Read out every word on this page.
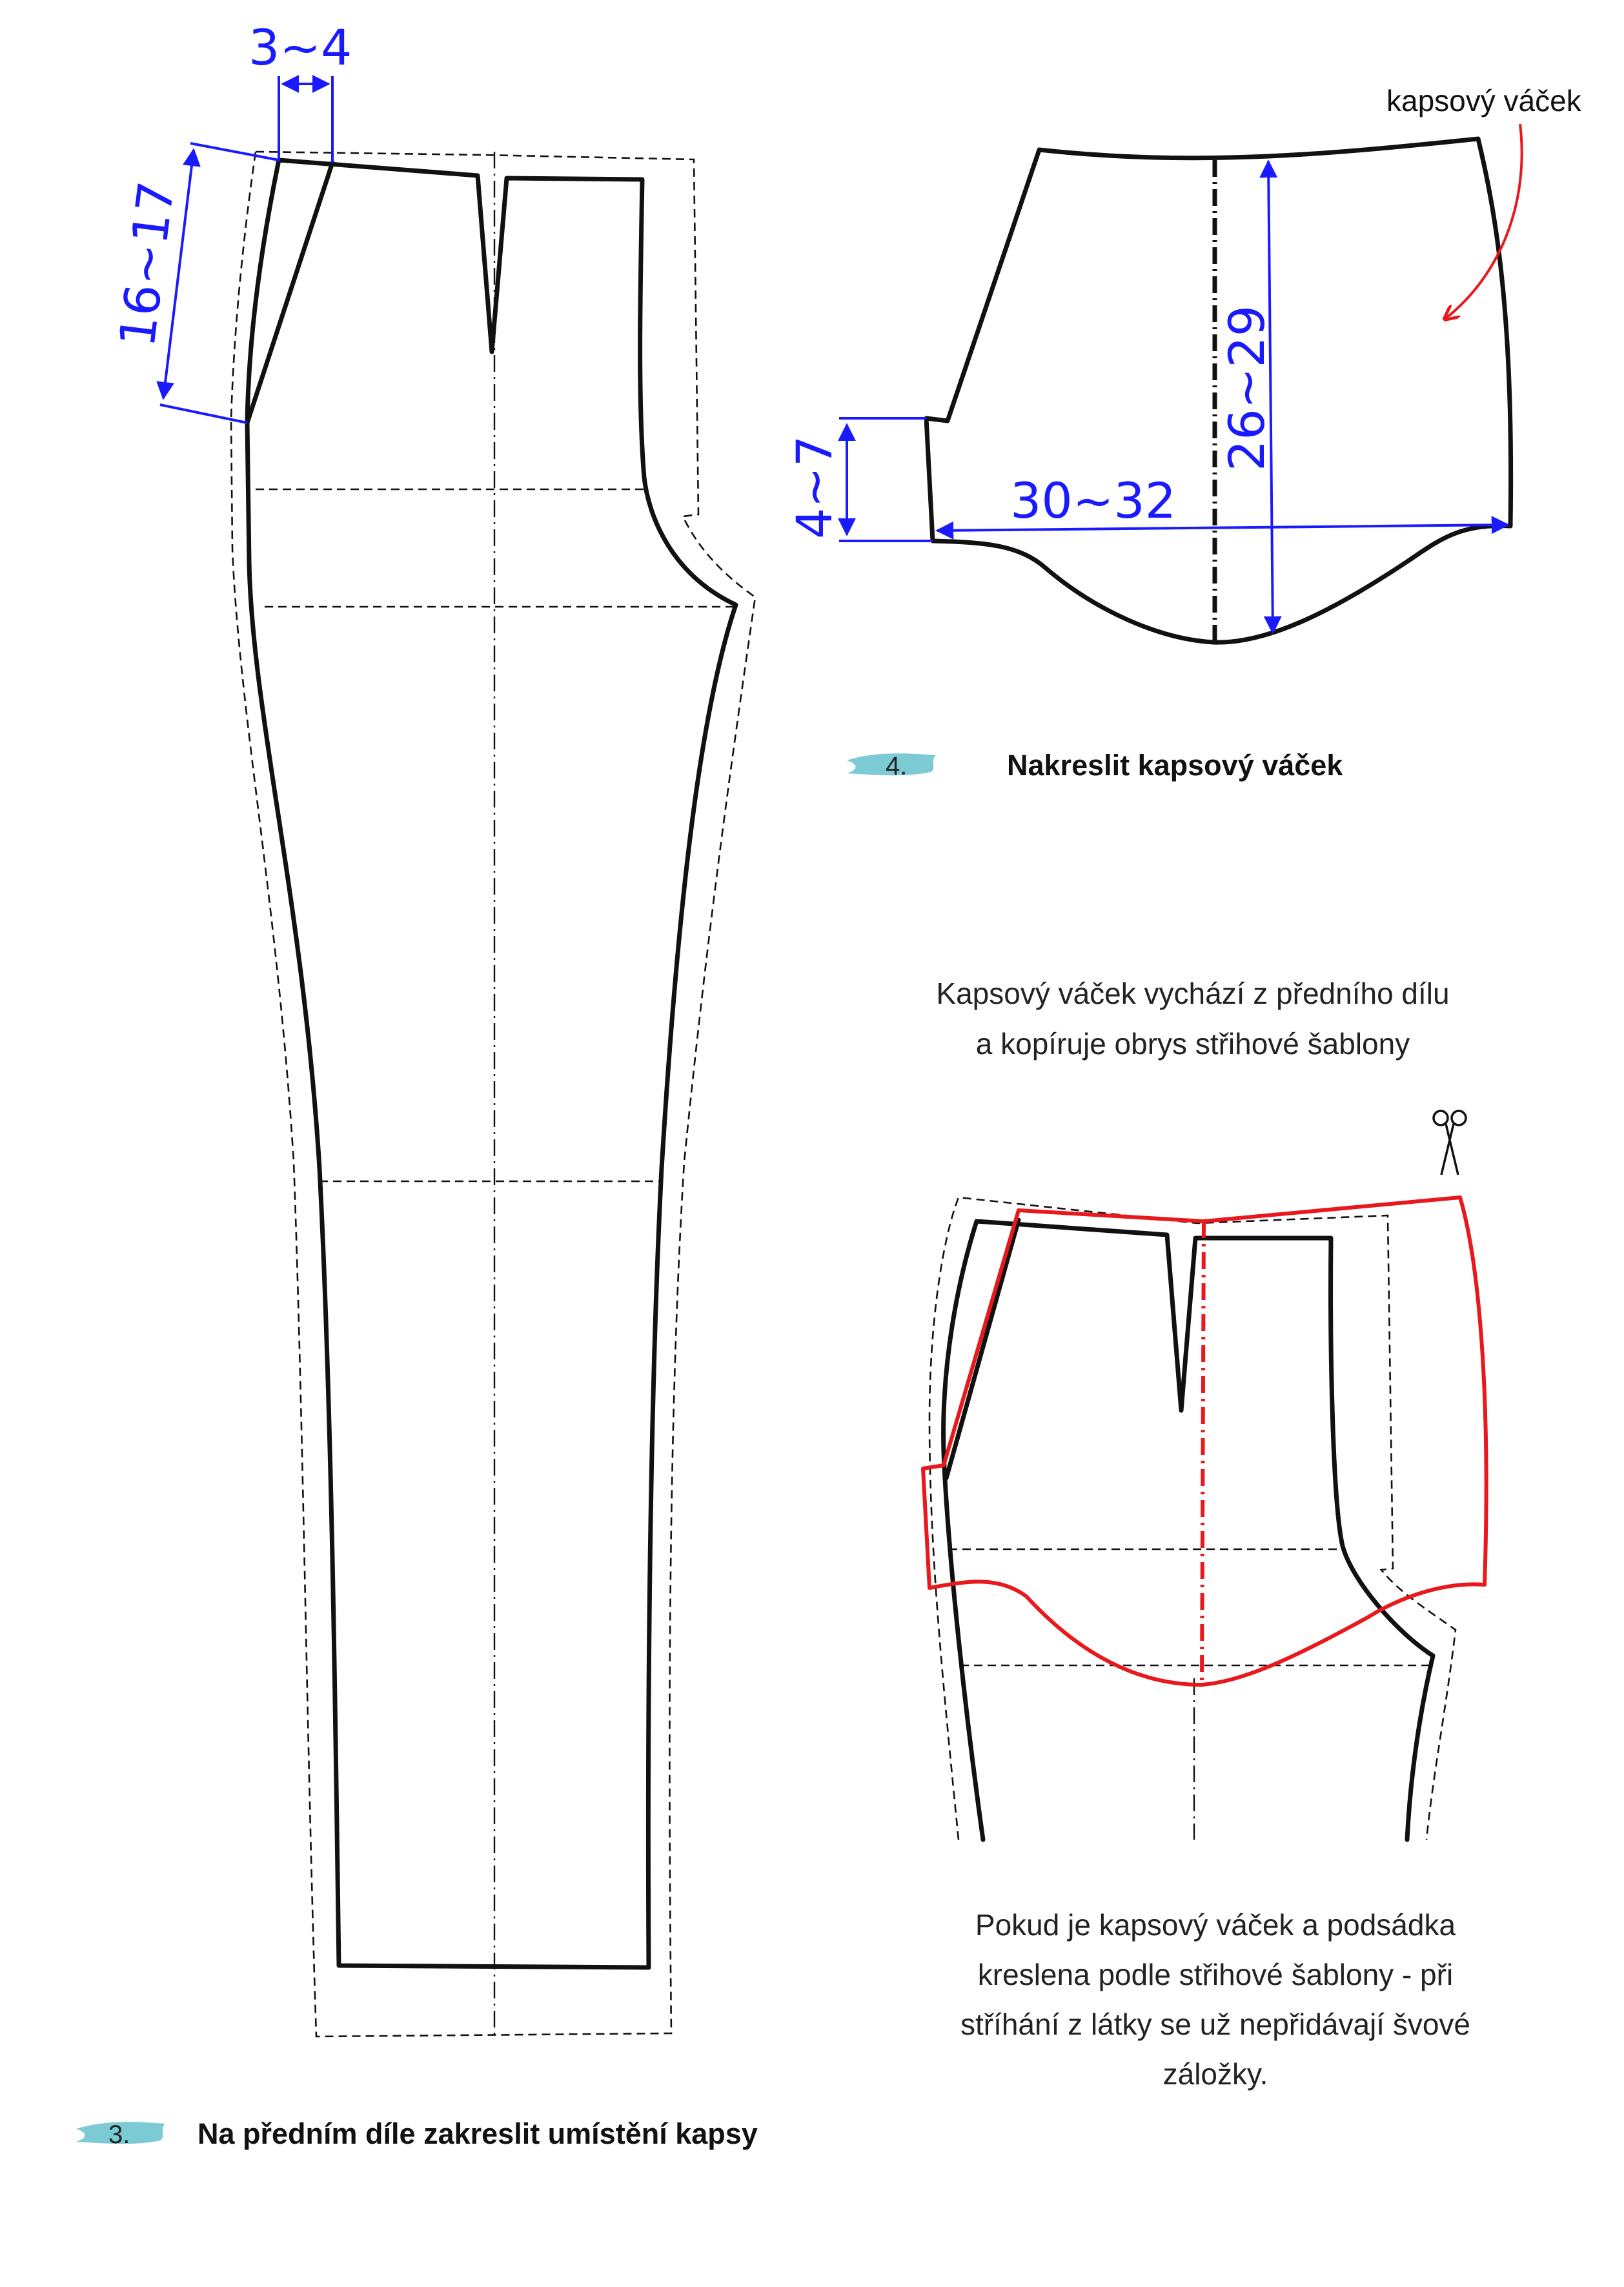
3~4
16~17
26~29
30~32
4~7
kapsový váček
4.	Nakreslit kapsový váček
Kapsový váček vychází z předního dílu
a kopíruje obrys střihové šablony
Pokud je kapsový váček a podsádka
kreslena podle střihové šablony - při
stříhání z látky se už nepřidávají švové
záložky.
3. Na předním díle zakreslit umístění kapsy
